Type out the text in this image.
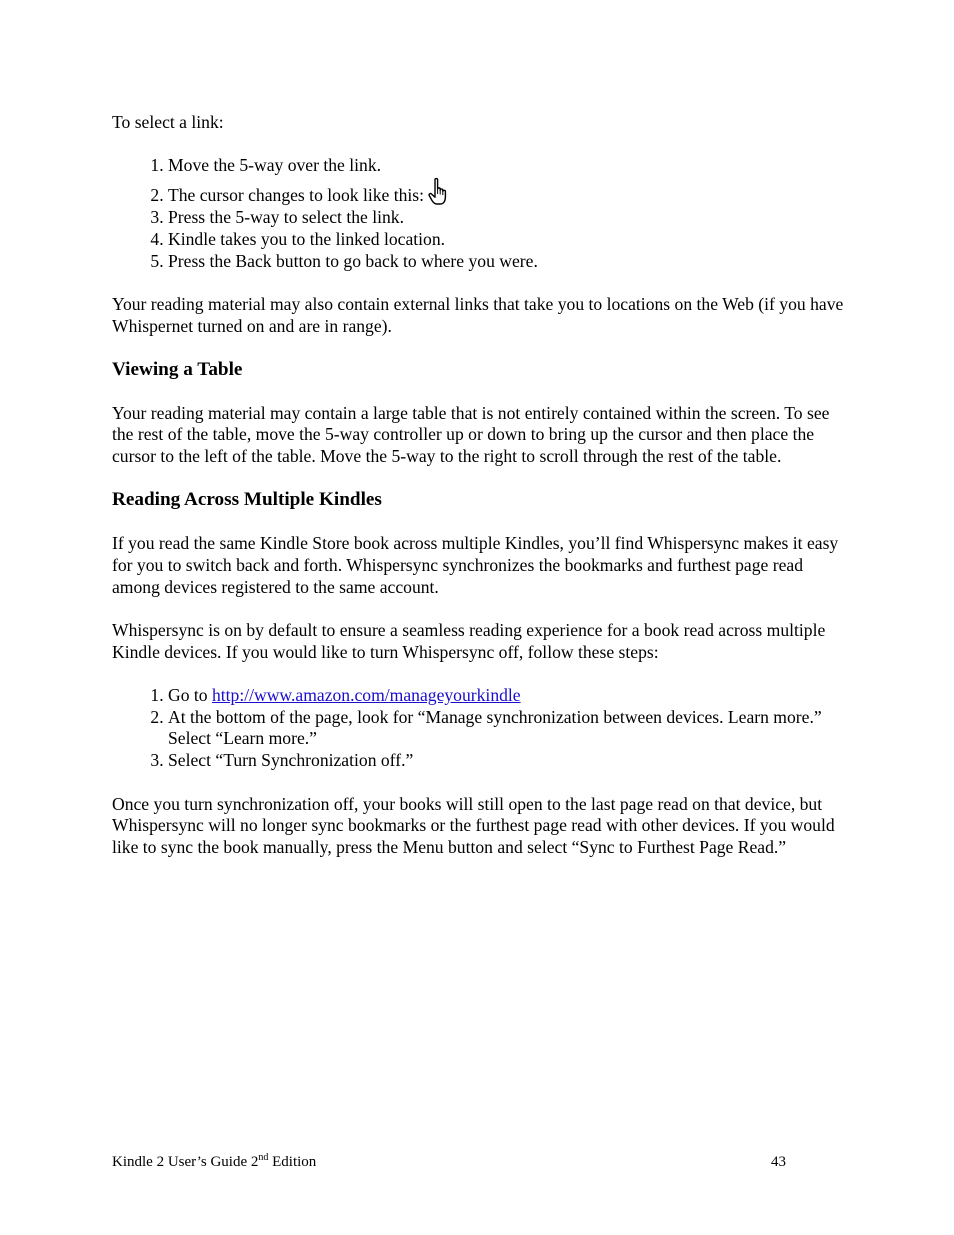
To select a link:

1. Move the 5-way over the link.
2. The cursor changes to look like this:
3. Press the 5-way to select the link.
4. Kindle takes you to the linked location.
5. Press the Back button to go back to where you were.

Your reading material may also contain external links that take you to locations on the Web (if you have Whispernet turned on and are in range).

Viewing a Table

Your reading material may contain a large table that is not entirely contained within the screen. To see the rest of the table, move the 5-way controller up or down to bring up the cursor and then place the cursor to the left of the table. Move the 5-way to the right to scroll through the rest of the table.

Reading Across Multiple Kindles

If you read the same Kindle Store book across multiple Kindles, you’ll find Whispersync makes it easy for you to switch back and forth. Whispersync synchronizes the bookmarks and furthest page read among devices registered to the same account.

Whispersync is on by default to ensure a seamless reading experience for a book read across multiple Kindle devices. If you would like to turn Whispersync off, follow these steps:

1. Go to http://www.amazon.com/manageyourkindle
2. At the bottom of the page, look for “Manage synchronization between devices. Learn more.” Select “Learn more.”
3. Select “Turn Synchronization off.”

Once you turn synchronization off, your books will still open to the last page read on that device, but Whispersync will no longer sync bookmarks or the furthest page read with other devices. If you would like to sync the book manually, press the Menu button and select “Sync to Furthest Page Read.”

Kindle 2 User’s Guide 2nd Edition	43
